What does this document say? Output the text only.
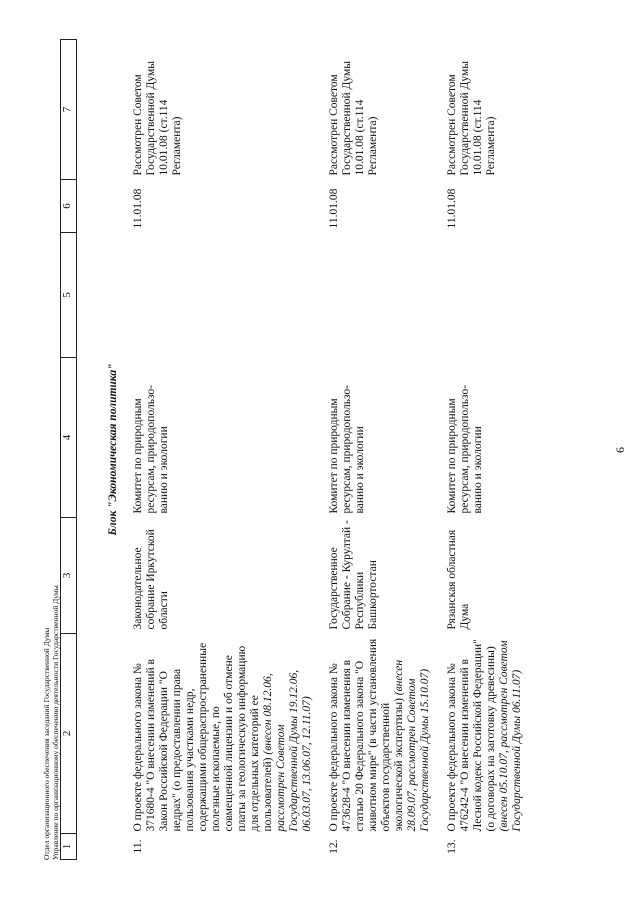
Отдел организационного обеспечения заседаний Государственной Думы Управление по организационному обеспечению деятельности Государственной Думы 1	2	3	4	5	6	7
Блок "Экономическая политика"						
11.	О проекте федерального закона № 371680-4 "О внесении изменений в Закон Российской Федерации "О недрах" (о предоставлении права пользования участками недр, содержащими общераспространенные полезные ископаемые, по совмещенной лицензии и об отмене платы за геологическую информацию для отдельных категорий ее пользователей) (внесен 08.12.06, рассмотрен Советом Государственной Думы 19.12.06, 06.03.07, 13.06.07, 12.11.07)	Законодательное собрание Иркутской области	Комитет по природным ресурсам, природопользо-ванию и экологии		11.01.08	Рассмотрен Советом Государственной Думы 10.01.08 (ст.114 Регламента)
12.	О проекте федерального закона № 473628-4 "О внесении изменения в статью 20 Федерального закона "О животном мире" (в части установления объектов государственной экологической экспертизы) (внесен 28.09.07, рассмотрен Советом Государственной Думы 15.10.07)	Государственное Собрание - Курултай - Республики Башкортостан	Комитет по природным ресурсам, природопользо-ванию и экологии		11.01.08	Рассмотрен Советом Государственной Думы 10.01.08 (ст.114 Регламента)
13.	О проекте федерального закона № 476242-4 "О внесении изменений в Лесной кодекс Российской Федерации" (о договорах на заготовку древесины) (внесен 05.10.07, рассмотрен Советом Государственной Думы 06.11.07)	Рязанская областная Дума	Комитет по природным ресурсам, природопользо-ванию и экологии		11.01.08	Рассмотрен Советом Государственной Думы 10.01.08 (ст.114 Регламента)
6
